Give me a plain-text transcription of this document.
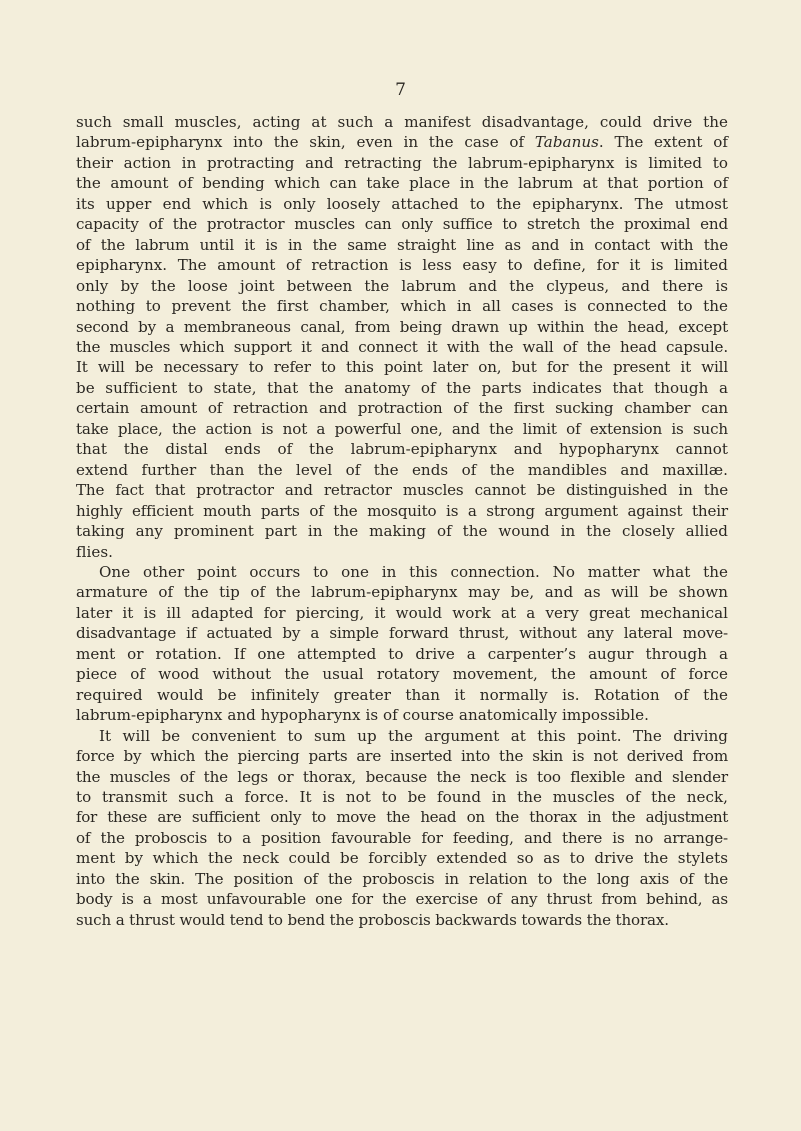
7
such small muscles, acting at such a manifest disadvantage, could drive the
labrum-epipharynx into the skin, even in the case of Tabanus. The extent of
their action in protracting and retracting the labrum-epipharynx is limited to
the amount of bending which can take place in the labrum at that portion of
its upper end which is only loosely attached to the epipharynx. The utmost
capacity of the protractor muscles can only suffice to stretch the proximal end
of the labrum until it is in the same straight line as and in contact with the
epipharynx. The amount of retraction is less easy to define, for it is limited
only by the loose joint between the labrum and the clypeus, and there is
nothing to prevent the first chamber, which in all cases is connected to the
second by a membraneous canal, from being drawn up within the head, except
the muscles which support it and connect it with the wall of the head capsule.
It will be necessary to refer to this point later on, but for the present it will
be sufficient to state, that the anatomy of the parts indicates that though a
certain amount of retraction and protraction of the first sucking chamber can
take place, the action is not a powerful one, and the limit of extension is such
that the distal ends of the labrum-epipharynx and hypopharynx cannot
extend further than the level of the ends of the mandibles and maxillæ.
The fact that protractor and retractor muscles cannot be distinguished in the
highly efficient mouth parts of the mosquito is a strong argument against their
taking any prominent part in the making of the wound in the closely allied
flies.
One other point occurs to one in this connection. No matter what the
armature of the tip of the labrum-epipharynx may be, and as will be shown
later it is ill adapted for piercing, it would work at a very great mechanical
disadvantage if actuated by a simple forward thrust, without any lateral move-
ment or rotation. If one attempted to drive a carpenter’s augur through a
piece of wood without the usual rotatory movement, the amount of force
required would be infinitely greater than it normally is. Rotation of the
labrum-epipharynx and hypopharynx is of course anatomically impossible.
It will be convenient to sum up the argument at this point. The driving
force by which the piercing parts are inserted into the skin is not derived from
the muscles of the legs or thorax, because the neck is too flexible and slender
to transmit such a force. It is not to be found in the muscles of the neck,
for these are sufficient only to move the head on the thorax in the adjustment
of the proboscis to a position favourable for feeding, and there is no arrange-
ment by which the neck could be forcibly extended so as to drive the stylets
into the skin. The position of the proboscis in relation to the long axis of the
body is a most unfavourable one for the exercise of any thrust from behind, as
such a thrust would tend to bend the proboscis backwards towards the thorax.
